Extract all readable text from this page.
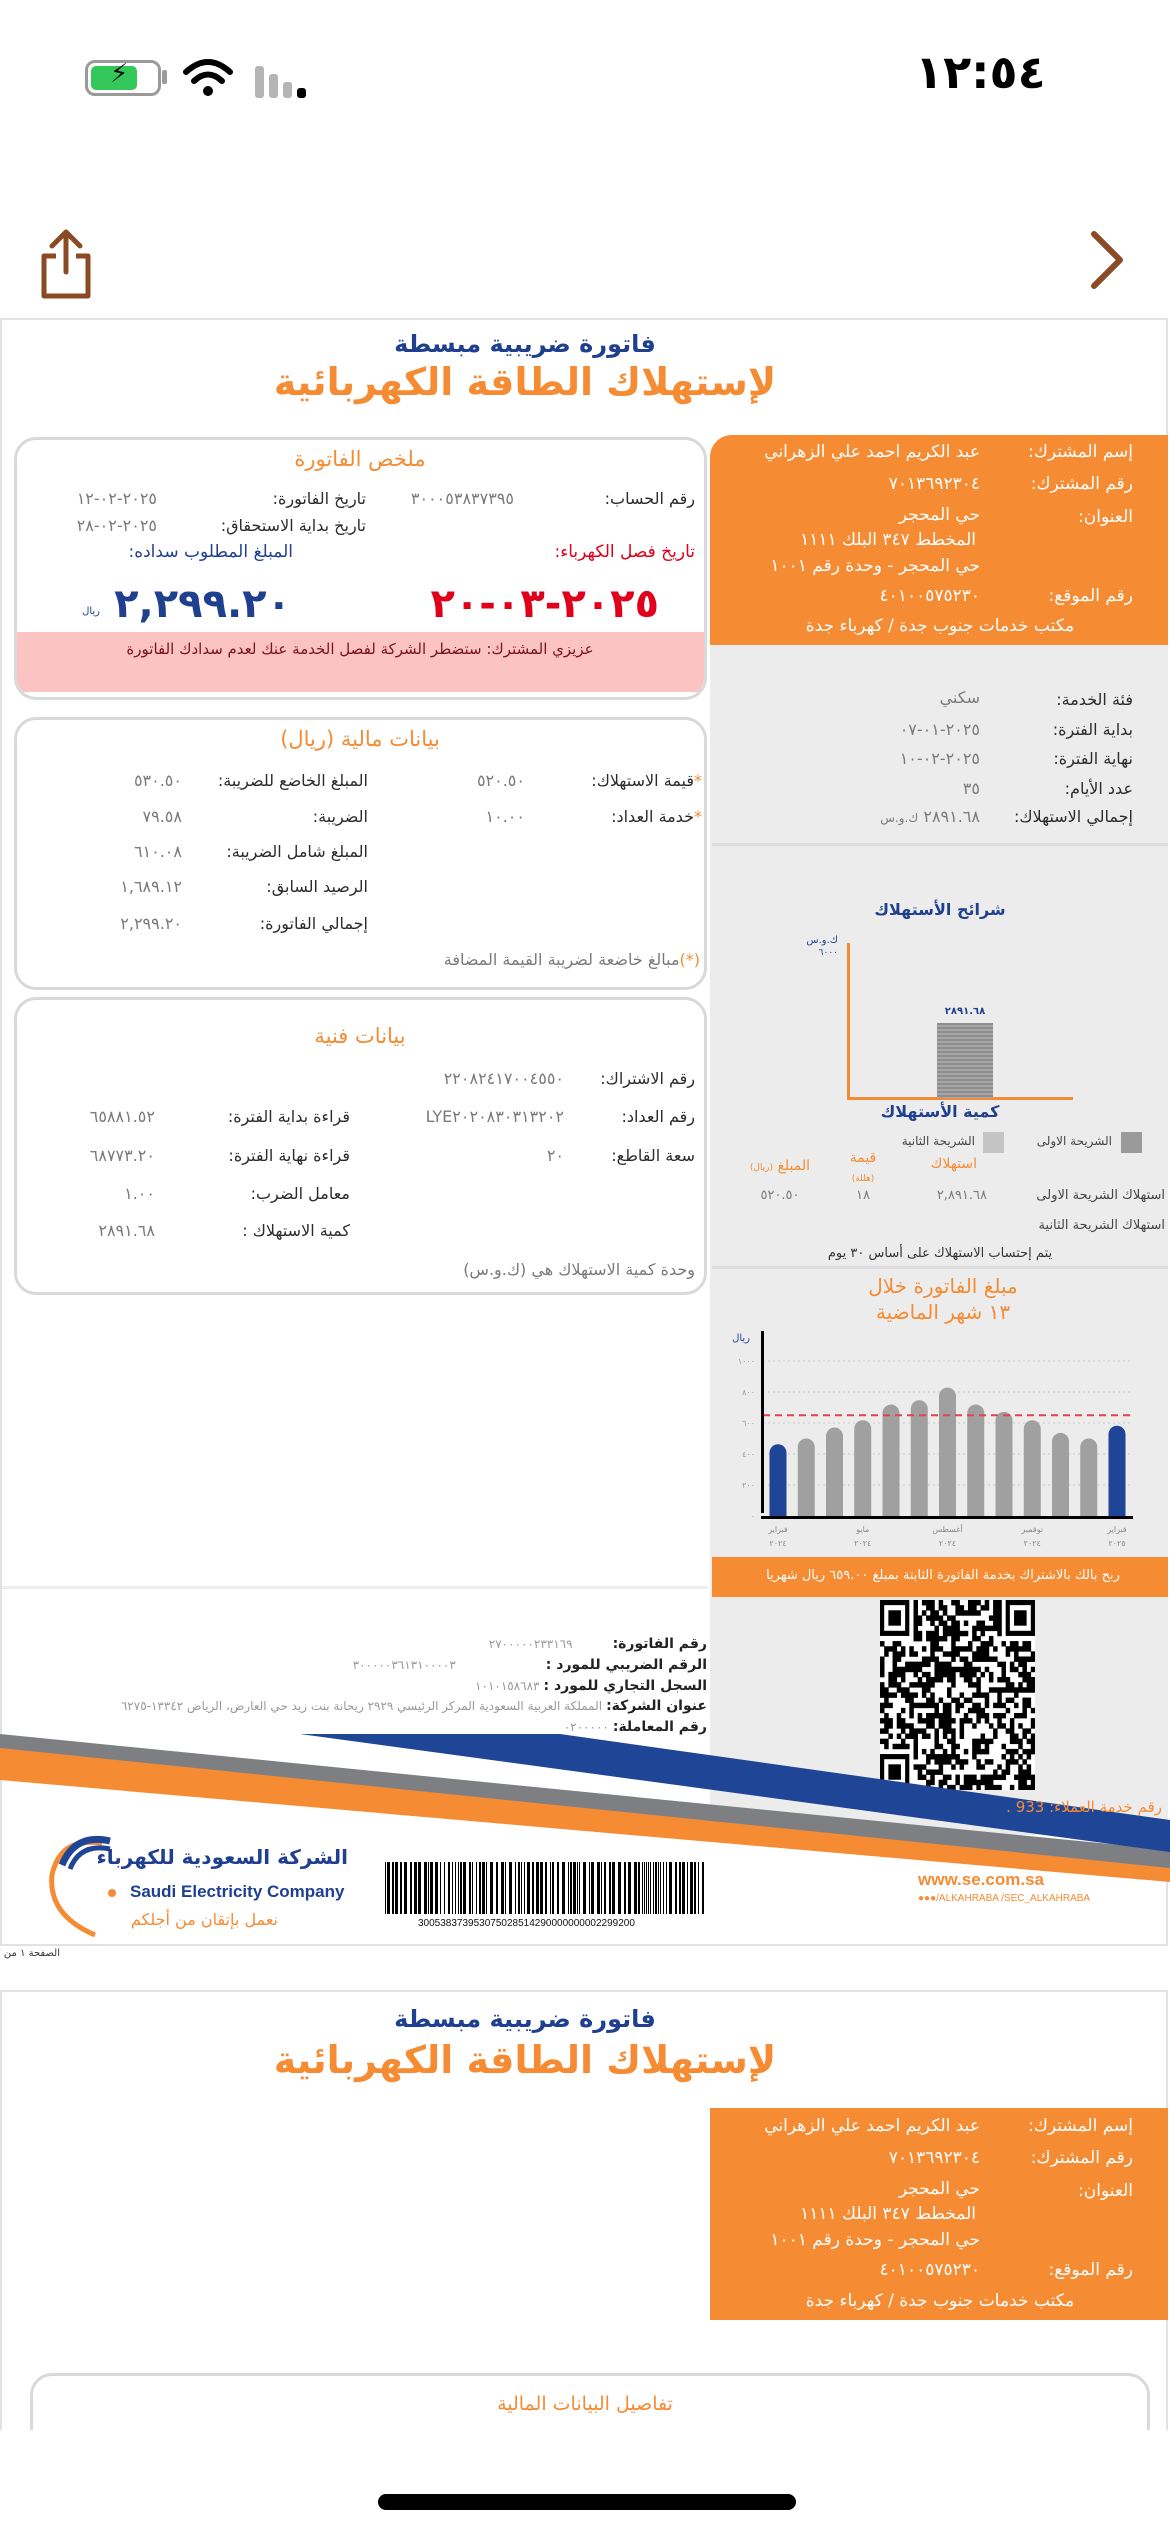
⚡	١٢:٥٤
فاتورة ضريبية مبسطة
لإستهلاك الطاقة الكهربائية
إسم المشترك:
عبد الكريم احمد علي الزهراني
رقم المشترك:
٧٠١٣٦٩٢٣٠٤
العنوان:
حي المحجر
المخطط ٣٤٧ البلك ١١١١
حي المحجر - وحدة رقم ١٠٠١
رقم الموقع:
٤٠١٠٠٥٧٥٢٣٠
مكتب خدمات جنوب جدة / كهرباء جدة
فئة الخدمة:
سكني
بداية الفترة:
٢٠٢٥-٠١-٠٧
نهاية الفترة:
٢٠٢٥-٠٢-١٠
عدد الأيام:
٣٥
إجمالي الاستهلاك:
٢٨٩١.٦٨ ك.و.س
شرائح الأستهلاك
ك.و.س
٦٠٠٠
٢٨٩١.٦٨
كمية الأستهلاك
الشريحة الاولى
الشريحة الثانية
استهلاك
قيمة
(هللة)
المبلغ (ريال)
استهلاك الشريحة الاولى
٢,٨٩١.٦٨
١٨
٥٢٠.٥٠
استهلاك الشريحة الثانية
يتم إحتساب الاستهلاك على أساس ٣٠ يوم
مبلغ الفاتورة خلال
١٣ شهر الماضية
ريال
٠
٢٠٠
٤٠٠
٦٠٠
٨٠٠
١٠٠٠
فبراير
٢٠٢٤
مايو
٢٠٢٤
أغسطس
٢٠٢٤
نوفمبر
٢٠٢٤
فبراير
٢٠٢٥
ربح بالك بالاشتراك بخدمة الفاتورة الثابتة بمبلغ ٦٥٩.٠٠ ريال شهريا
ملخص الفاتورة
رقم الحساب:
٣٠٠٠٥٣٨٣٧٣٩٥
تاريخ الفاتورة:
٢٠٢٥-٠٢-١٢
تاريخ بداية الاستحقاق:
٢٠٢٥-٠٢-٢٨
تاريخ فصل الكهرباء:
المبلغ المطلوب سداده:
٢٠٢٥-٠٣-٢٠
٢,٢٩٩.٢٠
ريال
عزيزي المشترك: ستضطر الشركة لفصل الخدمة عنك لعدم سدادك الفاتورة
بيانات مالية (ريال)
(*)مبالغ خاضعة لضريبة القيمة المضافة
بيانات فنية
وحدة كمية الاستهلاك هي (ك.و.س)
رقم خدمة العملاء: 933 .
الشركة السعودية للكهرباء
Saudi Electricity Company
نعمل بإتقان من أجلكم	300538373953075028514290000000002299200
www.se.com.sa
●●●/ALKAHRABA /SEC_ALKAHRABA
الصفحة ١ من
فاتورة ضريبية مبسطة
لإستهلاك الطاقة الكهربائية
إسم المشترك:
عبد الكريم احمد علي الزهراني
رقم المشترك:
٧٠١٣٦٩٢٣٠٤
العنوان:
حي المحجر
المخطط ٣٤٧ البلك ١١١١
حي المحجر - وحدة رقم ١٠٠١
رقم الموقع:
٤٠١٠٠٥٧٥٢٣٠
مكتب خدمات جنوب جدة / كهرباء جدة
تفاصيل البيانات المالية
*قيمة الاستهلاك:
٥٢٠.٥٠
*خدمة العداد:
١٠.٠٠
المبلغ الخاضع للضريبة:
٥٣٠.٥٠
الضريبة:
٧٩.٥٨
المبلغ شامل الضريبة:
٦١٠.٠٨
الرصيد السابق:
١,٦٨٩.١٢
إجمالي الفاتورة:
٢,٢٩٩.٢٠
رقم الاشتراك:
٢٢٠٨٢٤١٧٠٠٤٥٥٠
رقم العداد:
LYE٢٠٢٠٨٣٠٣١٣٢٠٢
سعة القاطع:
٢٠
قراءة بداية الفترة:
٦٥٨٨١.٥٢
قراءة نهاية الفترة:
٦٨٧٧٣.٢٠
معامل الضرب:
١.٠٠
كمية الاستهلاك :
٢٨٩١.٦٨
رقم الفاتورة:٢٧٠٠٠٠٠٢٣٣١٦٩
الرقم الضريبي للمورد :٣٠٠٠٠٠٣٦١٣١٠٠٠٠٣
السجل التجاري للمورد :١٠١٠١٥٨٦٨٣
عنوان الشركة:المملكة العربية السعودية المركز الرئيسي ٢٩٢٩ ريحانة بنت زيد حي العارض، الرياض ١٣٣٤٢-٦٢٧٥
رقم المعاملة:٠٢٠٠٠٠٠
